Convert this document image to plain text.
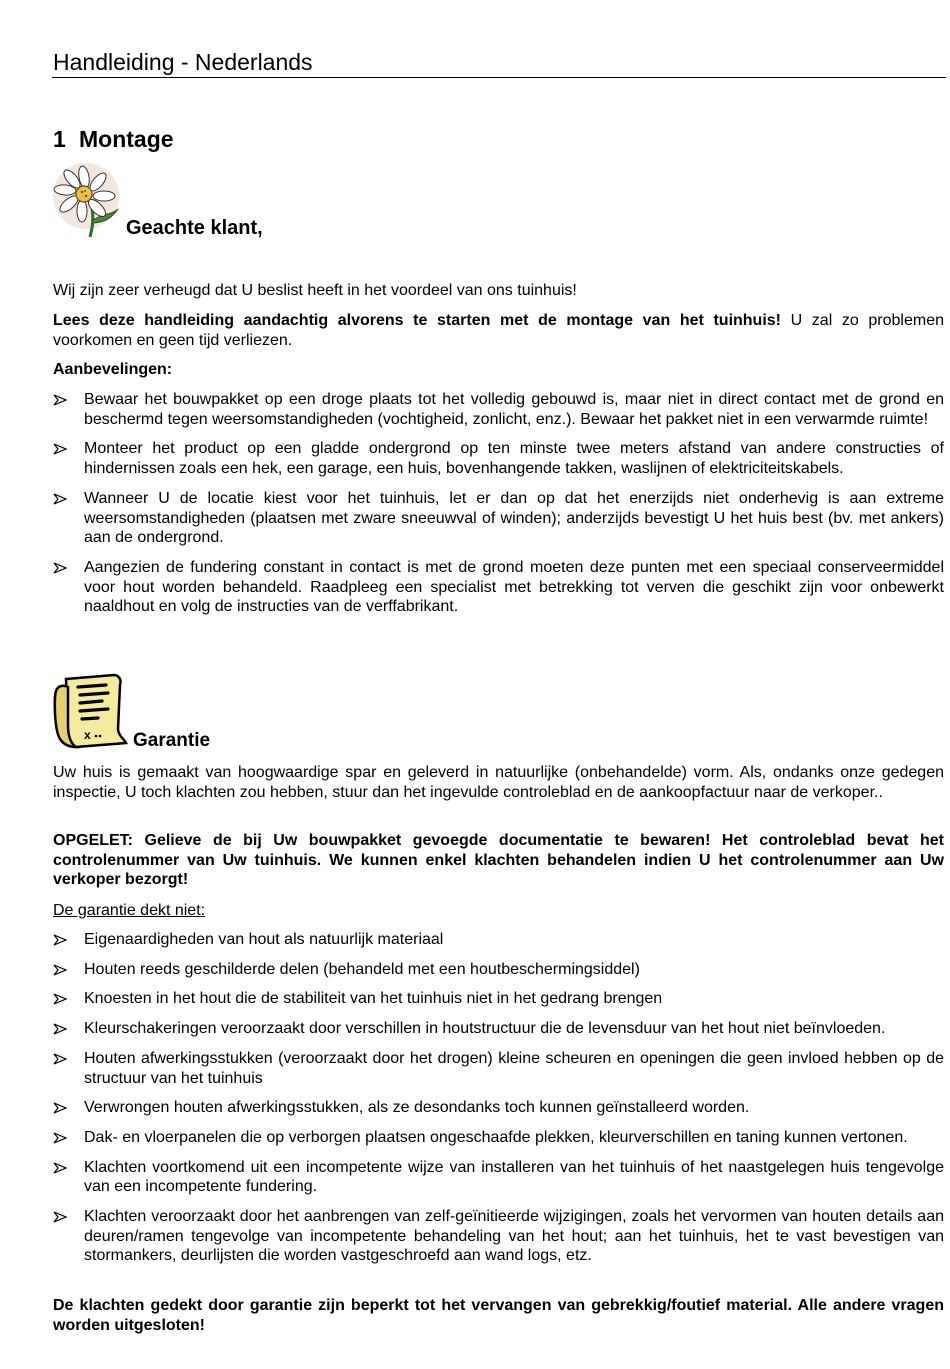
Handleiding - Nederlands
1 Montage
Geachte klant,

Wij zijn zeer verheugd dat U beslist heeft in het voordeel van ons tuinhuis!

Lees deze handleiding aandachtig alvorens te starten met de montage van het tuinhuis! U zal zo problemen voorkomen en geen tijd verliezen.

Aanbevelingen:

Bewaar het bouwpakket op een droge plaats tot het volledig gebouwd is, maar niet in direct contact met de grond en beschermd tegen weersomstandigheden (vochtigheid, zonlicht, enz.). Bewaar het pakket niet in een verwarmde ruimte!
Monteer het product op een gladde ondergrond op ten minste twee meters afstand van andere constructies of hindernissen zoals een hek, een garage, een huis, bovenhangende takken, waslijnen of elektriciteitskabels.
Wanneer U de locatie kiest voor het tuinhuis, let er dan op dat het enerzijds niet onderhevig is aan extreme weersomstandigheden (plaatsen met zware sneeuwval of winden); anderzijds bevestigt U het huis best (bv. met ankers) aan de ondergrond.
Aangezien de fundering constant in contact is met de grond moeten deze punten met een speciaal conserveermiddel voor hout worden behandeld. Raadpleeg een specialist met betrekking tot verven die geschikt zijn voor onbewerkt naaldhout en volg de instructies van de verffabrikant.
x Garantie

Uw huis is gemaakt van hoogwaardige spar en geleverd in natuurlijke (onbehandelde) vorm. Als, ondanks onze gedegen inspectie, U toch klachten zou hebben, stuur dan het ingevulde controleblad en de aankoopfactuur naar de verkoper..

OPGELET: Gelieve de bij Uw bouwpakket gevoegde documentatie te bewaren! Het controleblad bevat het controlenummer van Uw tuinhuis. We kunnen enkel klachten behandelen indien U het controlenummer aan Uw verkoper bezorgt!

De garantie dekt niet:

Eigenaardigheden van hout als natuurlijk materiaal
Houten reeds geschilderde delen (behandeld met een houtbeschermingsiddel)
Knoesten in het hout die de stabiliteit van het tuinhuis niet in het gedrang brengen
Kleurschakeringen veroorzaakt door verschillen in houtstructuur die de levensduur van het hout niet beïnvloeden.
Houten afwerkingsstukken (veroorzaakt door het drogen) kleine scheuren en openingen die geen invloed hebben op de structuur van het tuinhuis
Verwrongen houten afwerkingsstukken, als ze desondanks toch kunnen geïnstalleerd worden.
Dak- en vloerpanelen die op verborgen plaatsen ongeschaafde plekken, kleurverschillen en taning kunnen vertonen.
Klachten voortkomend uit een incompetente wijze van installeren van het tuinhuis of het naastgelegen huis tengevolge van een incompetente fundering.
Klachten veroorzaakt door het aanbrengen van zelf-geïnitieerde wijzigingen, zoals het vervormen van houten details aan deuren/ramen tengevolge van incompetente behandeling van het hout; aan het tuinhuis, het te vast bevestigen van stormankers, deurlijsten die worden vastgeschroefd aan wand logs, etz.

De klachten gedekt door garantie zijn beperkt tot het vervangen van gebrekkig/foutief material. Alle andere vragen worden uitgesloten!
